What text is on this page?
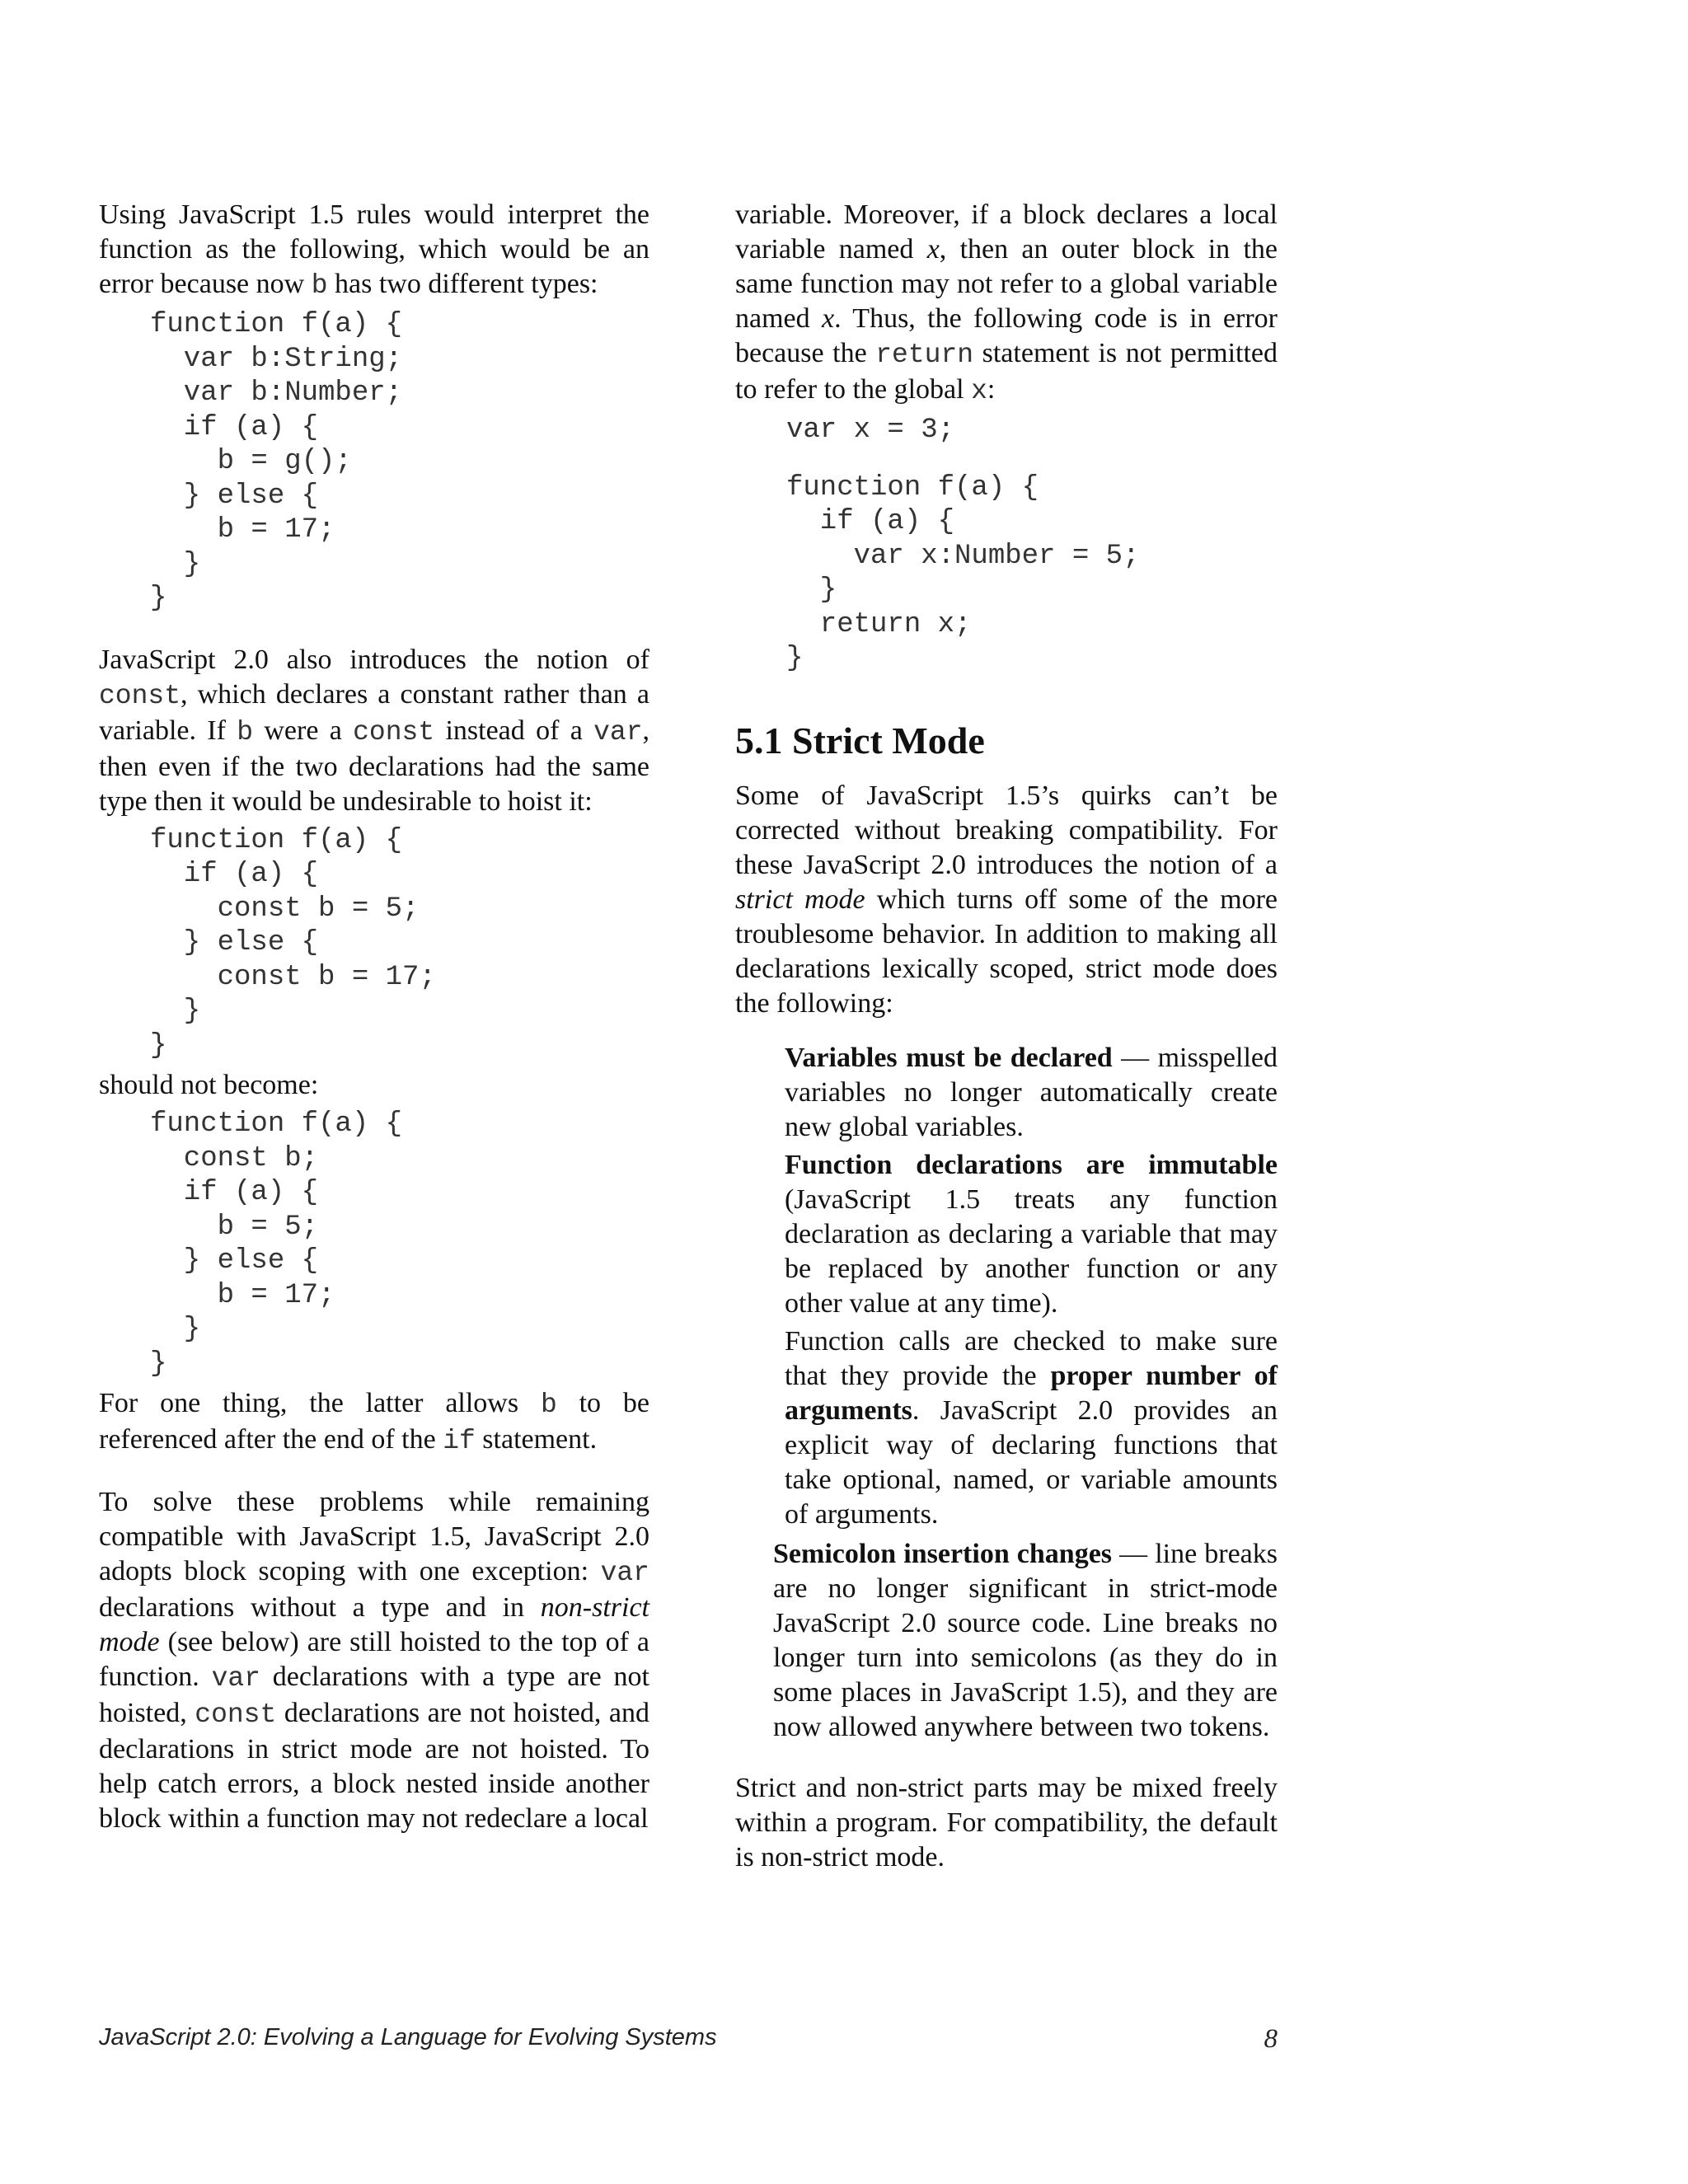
Using JavaScript 1.5 rules would interpret the function as the following, which would be an error because now b has two different types:

function f(a) {
var b:String;
var b:Number;
if (a) {
b = g();
} else {
b = 17;
}
}

JavaScript 2.0 also introduces the notion of const, which declares a constant rather than a variable. If b were a const instead of a var, then even if the two declarations had the same type then it would be undesirable to hoist it:

function f(a) {
if (a) {
const b = 5;
} else {
const b = 17;
}
}

should not become:

function f(a) {
const b;
if (a) {
b = 5;
} else {
b = 17;
}
}

For one thing, the latter allows b to be referenced after the end of the if statement.

To solve these problems while remaining compatible with JavaScript 1.5, JavaScript 2.0 adopts block scoping with one exception: var declarations without a type and in non-strict mode (see below) are still hoisted to the top of a function. var declarations with a type are not hoisted, const declarations are not hoisted, and declarations in strict mode are not hoisted. To help catch errors, a block nested inside another block within a function may not redeclare a local

variable. Moreover, if a block declares a local variable named x, then an outer block in the same function may not refer to a global variable named x. Thus, the following code is in error because the return statement is not permitted to refer to the global x:

var x = 3;
function f(a) {
if (a) {
var x:Number = 5;
}
return x;
}
5.1 Strict Mode

Some of JavaScript 1.5’s quirks can’t be corrected without breaking compatibility. For these JavaScript 2.0 introduces the notion of a strict mode which turns off some of the more troublesome behavior. In addition to making all declarations lexically scoped, strict mode does the following:

Variables must be declared — misspelled variables no longer automatically create new global variables.

Function declarations are immutable (JavaScript 1.5 treats any function declaration as declaring a variable that may be replaced by another function or any other value at any time).

Function calls are checked to make sure that they provide the proper number of arguments. JavaScript 2.0 provides an explicit way of declaring functions that take optional, named, or variable amounts of arguments.

Semicolon insertion changes — line breaks are no longer significant in strict-mode JavaScript 2.0 source code. Line breaks no longer turn into semicolons (as they do in some places in JavaScript 1.5), and they are now allowed anywhere between two tokens.

Strict and non-strict parts may be mixed freely within a program. For compatibility, the default is non-strict mode.

JavaScript 2.0: Evolving a Language for Evolving Systems	8
